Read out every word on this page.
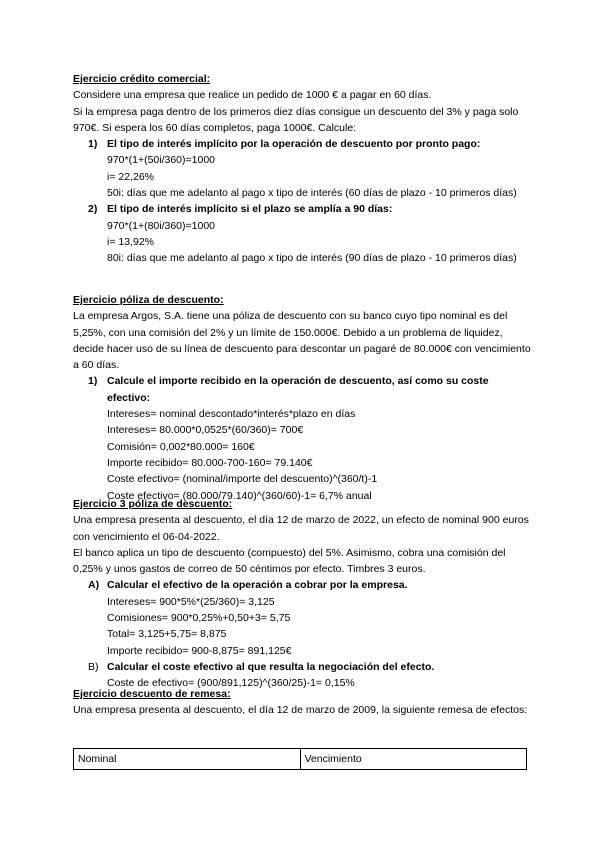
Ejercicio crédito comercial:
Considere una empresa que realice un pedido de 1000 € a pagar en 60 días.
Si la empresa paga dentro de los primeros diez días consigue un descuento del 3% y paga solo 970€. Si espera los 60 días completos, paga 1000€. Calcule:
1) El tipo de interés implícito por la operación de descuento por pronto pago:
970*(1+(50i/360)=1000
i= 22,26%
50i: días que me adelanto al pago x tipo de interés (60 días de plazo - 10 primeros días)
2) El tipo de interés implícito si el plazo se amplía a 90 días:
970*(1+(80i/360)=1000
i= 13,92%
80i: días que me adelanto al pago x tipo de interés (90 días de plazo - 10 primeros días)
Ejercicio póliza de descuento:
La empresa Argos, S.A. tiene una póliza de descuento con su banco cuyo tipo nominal es del 5,25%, con una comisión del 2% y un límite de 150.000€. Debido a un problema de liquidez, decide hacer uso de su línea de descuento para descontar un pagaré de 80.000€ con vencimiento a 60 días.
1) Calcule el importe recibido en la operación de descuento, así como su coste efectivo:
Intereses= nominal descontado*interés*plazo en días
Intereses= 80.000*0,0525*(60/360)= 700€
Comisión= 0,002*80.000= 160€
Importe recibido= 80.000-700-160= 79.140€
Coste efectivo= (nominal/importe del descuento)^(360/t)-1
Coste efectivo= (80.000/79.140)^(360/60)-1= 6,7% anual
Ejercicio 3 póliza de descuento:
Una empresa presenta al descuento, el día 12 de marzo de 2022, un efecto de nominal 900 euros con vencimiento el 06-04-2022.
El banco aplica un tipo de descuento (compuesto) del 5%. Asimismo, cobra una comisión del 0,25% y unos gastos de correo de 50 céntimos por efecto. Timbres 3 euros.
A) Calcular el efectivo de la operación a cobrar por la empresa.
Intereses= 900*5%*(25/360)= 3,125
Comisiones= 900*0,25%+0,50+3= 5,75
Total= 3,125+5,75= 8,875
Importe recibido= 900-8,875= 891,125€
B) Calcular el coste efectivo al que resulta la negociación del efecto.
Coste de efectivo= (900/891,125)^(360/25)-1= 0,15%
Ejercicio descuento de remesa:
Una empresa presenta al descuento, el día 12 de marzo de 2009, la siguiente remesa de efectos:
Nominal	Vencimiento
